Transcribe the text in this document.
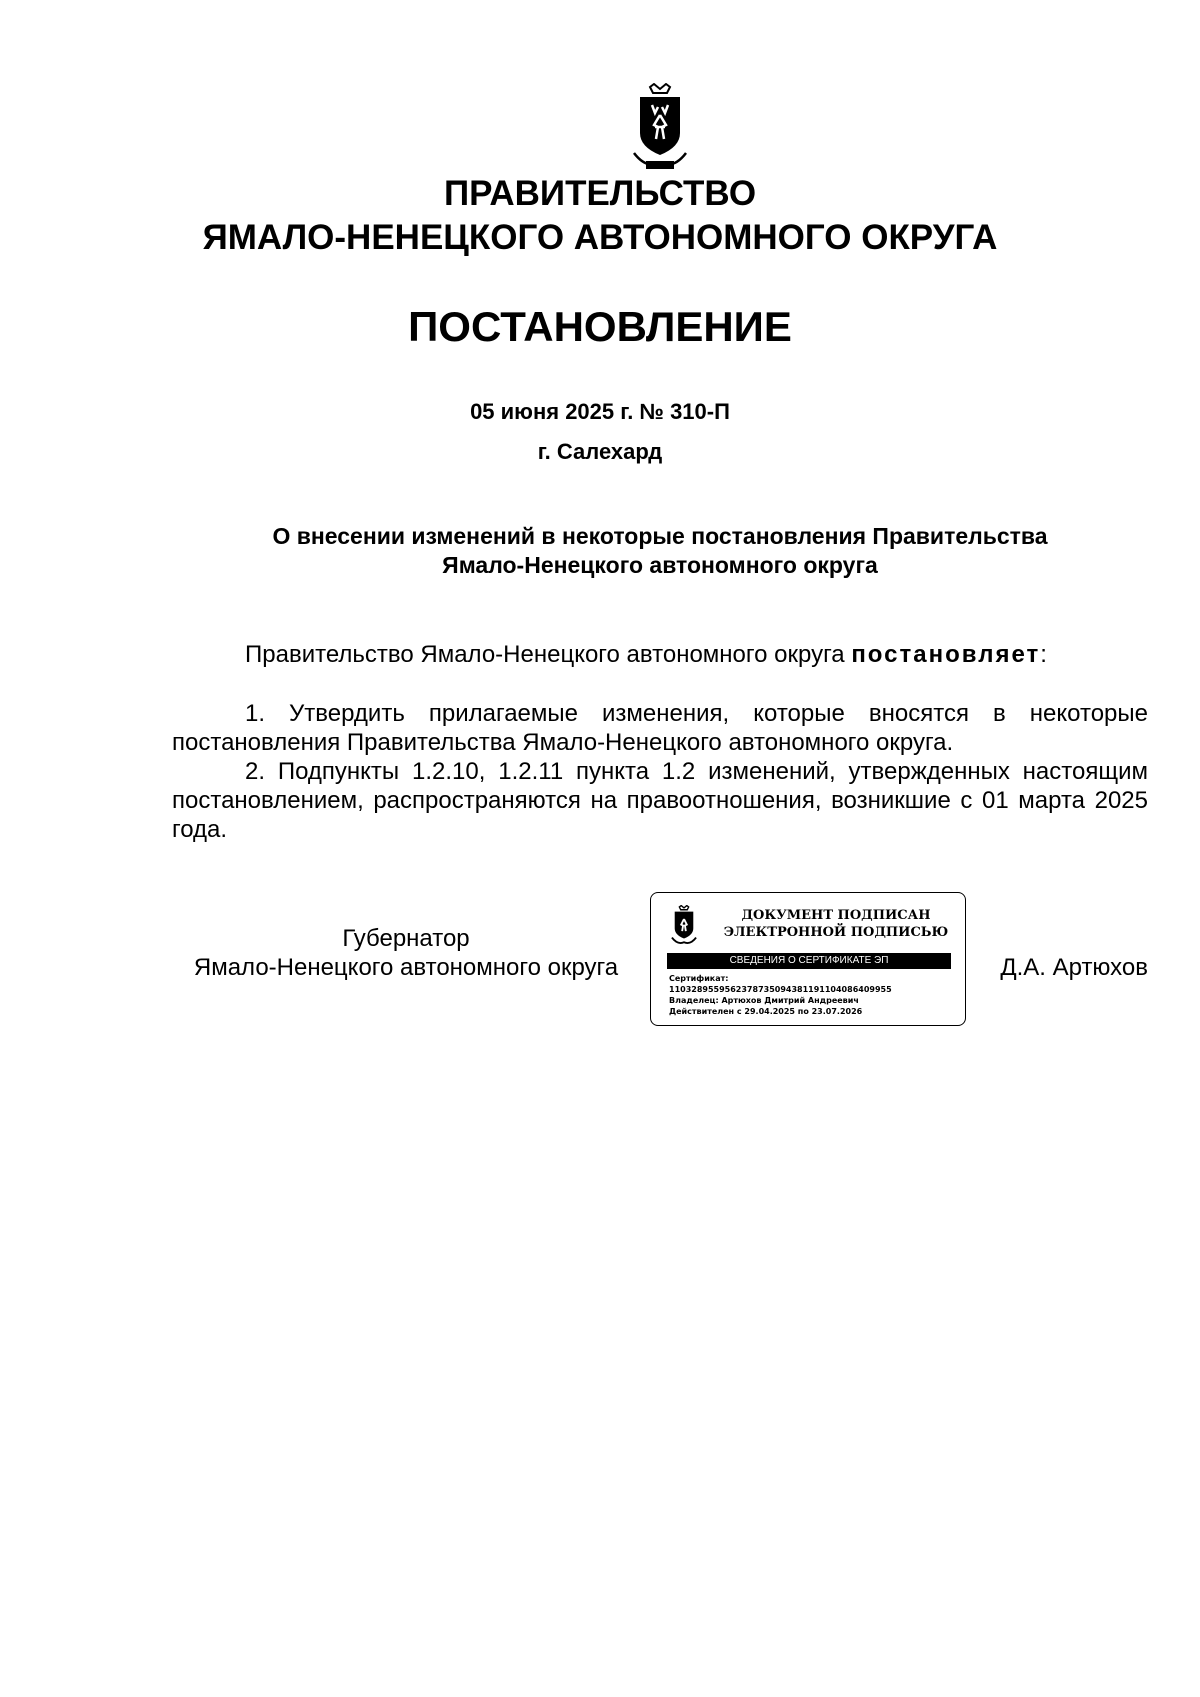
ПРАВИТЕЛЬСТВО
ЯМАЛО-НЕНЕЦКОГО АВТОНОМНОГО ОКРУГА
ПОСТАНОВЛЕНИЕ
05 июня 2025 г. № 310-П
г. Салехард
О внесении изменений в некоторые постановления Правительства
Ямало-Ненецкого автономного округа
Правительство Ямало-Ненецкого автономного округа постановляет:
1. Утвердить прилагаемые изменения, которые вносятся в некоторые постановления Правительства Ямало-Ненецкого автономного округа.
2. Подпункты 1.2.10, 1.2.11 пункта 1.2 изменений, утвержденных настоящим постановлением, распространяются на правоотношения, возникшие с 01 марта 2025 года.
Губернатор
Ямало-Ненецкого автономного округа
ДОКУМЕНТ ПОДПИСАН
ЭЛЕКТРОННОЙ ПОДПИСЬЮ
СВЕДЕНИЯ О СЕРТИФИКАТЕ ЭП
Сертификат:
1103289559562378735094381191104086409955
Владелец: Артюхов Дмитрий Андреевич
Действителен с 29.04.2025 по 23.07.2026
Д.А. Артюхов
